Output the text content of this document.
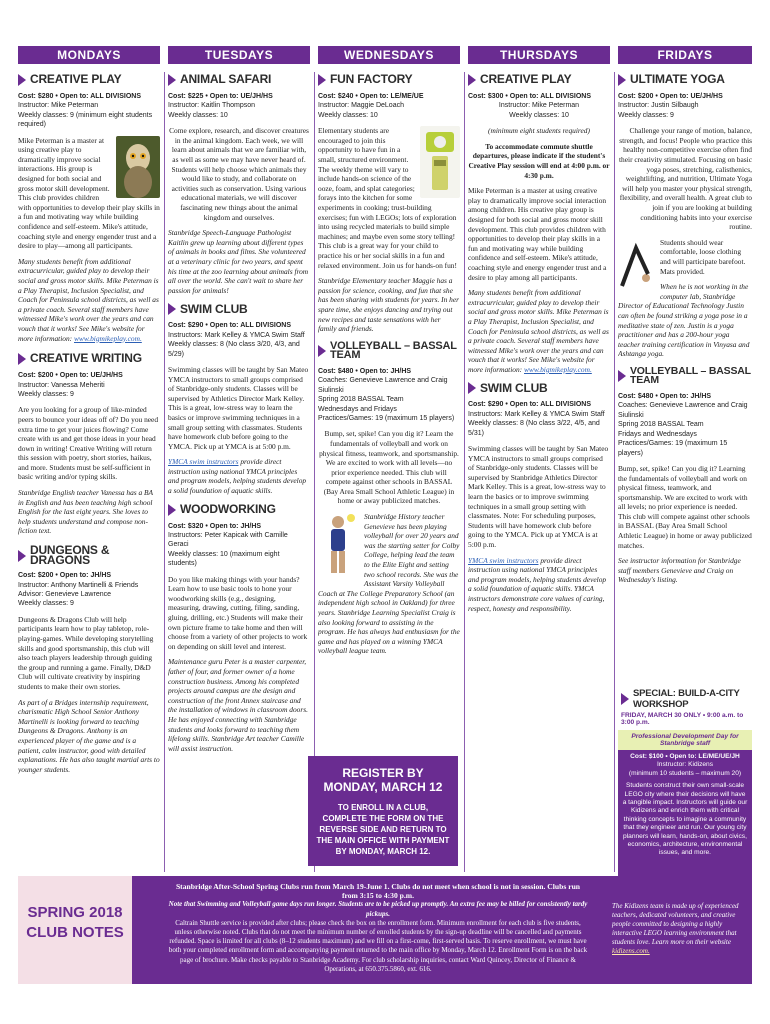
MONDAYS	TUESDAYS	WEDNESDAYS	THURSDAYS	FRIDAYS
CREATIVE PLAY
Cost: $280 • Open to: ALL DIVISIONS
Instructor: Mike Peterman
Weekly classes: 9 (minimum eight students required)

Mike Peterman is a master at using creative play to dramatically improve social interactions. His group is designed for both social and gross motor skill development. This club provides children with opportunities to develop their play skills in a fun and motivating way while building confidence and self-esteem. Mike's attitude, coaching style and energy engender trust and a desire to play—among all participants.

Many students benefit from additional extracurricular, guided play to develop their social and gross motor skills. Mike Peterman is a Play Therapist, Inclusion Specialist, and Coach for Peninsula school districts, as well as a private coach. Several staff members have witnessed Mike's work over the years and can vouch that it works! See Mike's website for more information: www.bigmikeplay.com.

CREATIVE WRITING
Cost: $200 • Open to: UE/JH/HS
Instructor: Vanessa Meheriti
Weekly classes: 9

Are you looking for a group of like-minded peers to bounce your ideas off of? Do you need extra time to get your juices flowing? Come create with us and get those ideas in your head down in writing! Creative Writing will return this session with poetry, short stories, haikus, and more. Students must be self-sufficient in basic writing and/or typing skills.

Stanbridge English teacher Vanessa has a BA in English and has been teaching high school English for the last eight years. She loves to help students understand and compose non-fiction text.

DUNGEONS & DRAGONS
Cost: $200 • Open to: JH/HS
Instructor: Anthony Martinelli & Friends
Advisor: Genevieve Lawrence
Weekly classes: 9

Dungeons & Dragons Club will help participants learn how to play tabletop, role-playing-games. While developing storytelling skills and good sportsmanship, this club will also teach players leadership through guiding the group and running a game. Finally, D&D Club will cultivate creativity by inspiring students to make their own stories.

As part of a Bridges internship requirement, charismatic High School Senior Anthony Martinelli is looking forward to teaching Dungeons & Dragons. Anthony is an experienced player of the game and is a patient, calm instructor, good with detailed explanations. He has also taught martial arts to younger students.

ANIMAL SAFARI
Cost: $225 • Open to: UE/JH/HS
Instructor: Kaitlin Thompson
Weekly classes: 10

Come explore, research, and discover creatures in the animal kingdom. Each week, we will learn about animals that we are familiar with, as well as some we may have never heard of. Students will help choose which animals they would like to study, and collaborate on activities such as conservation. Using various educational materials, we will discover fascinating new things about the animal kingdom and ourselves.

Stanbridge Speech-Language Pathologist Kaitlin grew up learning about different types of animals in books and films. She volunteered at a veterinary clinic for two years, and spent his time at the zoo learning about animals from all over the world. She can't wait to share her passion for animals!

SWIM CLUB
Cost: $290 • Open to: ALL DIVISIONS
Instructors: Mark Kelley & YMCA Swim Staff
Weekly classes: 8 (No class 3/20, 4/3, and 5/29)

Swimming classes will be taught by San Mateo YMCA instructors to small groups comprised of Stanbridge-only students. Classes will be supervised by Athletics Director Mark Kelley. This is a great, low-stress way to learn the basics or improve swimming techniques in a small group setting with classmates. Students have homework club before going to the YMCA. Pick up at YMCA is at 5:00 p.m.

YMCA swim instructors provide direct instruction using national YMCA principles and program models, helping students develop a solid foundation of aquatic skills.

WOODWORKING
Cost: $320 • Open to: JH/HS
Instructors: Peter Kapicak with Camille Geraci
Weekly classes: 10 (maximum eight students)

Do you like making things with your hands? Learn how to use basic tools to hone your woodworking skills (e.g., designing, measuring, drawing, cutting, filing, sanding, gluing, drilling, etc.) Students will make their own picture frame to take home and then will choose from a variety of other projects to work on depending on skill level and interest.

Maintenance guru Peter is a master carpenter, father of four, and former owner of a home construction business. Among his completed projects around campus are the design and construction of the front Annex staircase and the installation of windows in classroom doors. He has enjoyed connecting with Stanbridge students and looks forward to teaching them lifelong skills. Stanbridge Art teacher Camille will assist instruction.

FUN FACTORY
Cost: $240 • Open to: LE/ME/UE
Instructor: Maggie DeLoach
Weekly classes: 10

Elementary students are encouraged to join this opportunity to have fun in a small, structured environment. The weekly theme will vary to include hands-on science of the ooze, foam, and splat categories; forays into the kitchen for some experiments in cooking; trust-building exercises; fun with LEGOs; lots of exploration into using recycled materials to build simple machines; and maybe even some story telling! This club is a great way for your child to practice his or her social skills in a fun and relaxed environment. Join us for hands-on fun!

Stanbridge Elementary teacher Maggie has a passion for science, cooking, and fun that she has been sharing with students for years. In her spare time, she enjoys dancing and trying out new recipes and taste sensations with her family and friends.

VOLLEYBALL – BASSAL TEAM
Cost: $480 • Open to: JH/HS
Coaches: Genevieve Lawrence and Craig Siulinski
Spring 2018 BASSAL Team
Wednesdays and Fridays
Practices/Games: 19 (maximum 15 players)

Bump, set, spike! Can you dig it? Learn the fundamentals of volleyball and work on physical fitness, teamwork, and sportsmanship. We are excited to work with all levels—no prior experience needed. This club will compete against other schools in BASSAL (Bay Area Small School Athletic League) in home or away publicized matches.

Stanbridge History teacher Genevieve has been playing volleyball for over 20 years and was the starting setter for Colby College, helping lead the team to the Elite Eight and setting two school records. She was the Assistant Varsity Volleyball Coach at The College Preparatory School (an independent high school in Oakland) for three years. Stanbridge Learning Specialist Craig is also looking forward to assisting in the program. He has always had enthusiasm for the game and has played on a winning YMCA volleyball league team.

REGISTER BY MONDAY, MARCH 12
TO ENROLL IN A CLUB, COMPLETE THE FORM ON THE REVERSE SIDE AND RETURN TO THE MAIN OFFICE WITH PAYMENT BY MONDAY, MARCH 12.
CREATIVE PLAY
Cost: $300 • Open to: ALL DIVISIONS
Instructor: Mike Peterman
Weekly classes: 10

(minimum eight students required)

To accommodate commute shuttle departures, please indicate if the student's Creative Play session will end at 4:00 p.m. or 4:30 p.m.

Mike Peterman is a master at using creative play to dramatically improve social interaction among children. His creative play group is designed for both social and gross motor skill development. This club provides children with opportunities to develop their play skills in a fun and motivating way while building confidence and self-esteem. Mike's attitude, coaching style and energy engender trust and a desire to play among all participants.

Many students benefit from additional extracurricular, guided play to develop their social and gross motor skills. Mike Peterman is a Play Therapist, Inclusion Specialist, and Coach for Peninsula school districts, as well as a private coach. Several staff members have witnessed Mike's work over the years and can vouch that it works! See Mike's website for more information: www.bigmikeplay.com.

SWIM CLUB
Cost: $290 • Open to: ALL DIVISIONS
Instructors: Mark Kelley & YMCA Swim Staff
Weekly classes: 8 (No class 3/22, 4/5, and 5/31)

Swimming classes will be taught by San Mateo YMCA instructors to small groups comprised of Stanbridge-only students. Classes will be supervised by Stanbridge Athletics Director Mark Kelley. This is a great, low-stress way to learn the basics or to improve swimming techniques in a small group setting with classmates. Note: For scheduling purposes, Students will have homework club before going to the YMCA. Pick up at YMCA is at 5:00 p.m.

YMCA swim instructors provide direct instruction using national YMCA principles and program models, helping students develop a solid foundation of aquatic skills. YMCA instructors demonstrate core values of caring, respect, honesty and responsibility.

ULTIMATE YOGA
Cost: $200 • Open to: UE/JH/HS
Instructor: Justin Silbaugh
Weekly classes: 9

Challenge your range of motion, balance, strength, and focus! People who practice this healthy non-competitive exercise often find their creativity stimulated. Focusing on basic yoga poses, stretching, calisthenics, weightlifting, and nutrition, Ultimate Yoga will help you master your physical strength, flexibility, and overall health. A great club to join if you are looking at building conditioning habits into your exercise routine.

Students should wear comfortable, loose clothing and will participate barefoot. Mats provided.

When he is not working in the computer lab, Stanbridge Director of Educational Technology Justin can often be found striking a yoga pose in a meditative state of zen. Justin is a yoga practitioner and has a 200-hour yoga teacher training certification in Vinyasa and Ashtanga yoga.

VOLLEYBALL – BASSAL TEAM
Cost: $480 • Open to: JH/HS
Coaches: Genevieve Lawrence and Craig Siulinski
Spring 2018 BASSAL Team
Fridays and Wednesdays
Practices/Games: 19 (maximum 15 players)

Bump, set, spike! Can you dig it? Learning the fundamentals of volleyball and work on physical fitness, teamwork, and sportsmanship. We are excited to work with all levels; no prior experience is needed. This club will compete against other schools in BASSAL (Bay Area Small School Athletic League) in home or away publicized matches.

See instructor information for Stanbridge staff members Genevieve and Craig on Wednesday's listing.

SPECIAL: BUILD-A-CITY WORKSHOP
FRIDAY, MARCH 30 ONLY • 9:00 a.m. to 3:00 p.m.
Professional Development Day for Stanbridge staff
Cost: $100 • Open to: LE/ME/UE/JH
Instructor: Kidizens
(minimum 10 students – maximum 20)
Students construct their own small-scale LEGO city where their decisions will have a tangible impact. Instructors will guide our Kidizens and enrich them with critical thinking concepts to imagine a community that they engineer and run. Our young city planners will learn, hands-on, about civics, economics, architecture, environmental issues, and more.
SPRING 2018
CLUB NOTES
Stanbridge After-School Spring Clubs run from March 19-June 1. Clubs do not meet when school is not in session. Clubs run from 3:15 to 4:30 p.m.
Note that Swimming and Volleyball game days run longer. Students are to be picked up promptly. An extra fee may be billed for consistently tardy pickups.
Caltrain Shuttle service is provided after clubs; please check the box on the enrollment form. Minimum enrollment for each club is five students, unless otherwise noted. Clubs that do not meet the minimum number of enrolled students by the sign-up deadline will be cancelled and payments refunded. Space is limited for all clubs (8–12 students maximum) and we fill on a first-come, first-served basis. To reserve enrollment, we must have both your completed enrollment form and accompanying payment returned to the main office by Monday, March 12. Enrollment Form is on the back page of brochure. Make checks payable to Stanbridge Academy. For club scholarship inquiries, contact Ward Quincey, Director of Finance & Operations, at 650.375.5860, ext. 616.
The Kidizens team is made up of experienced teachers, dedicated volunteers, and creative people committed to designing a highly interactive LEGO learning environment that students love. Learn more on their website kidizens.com.
